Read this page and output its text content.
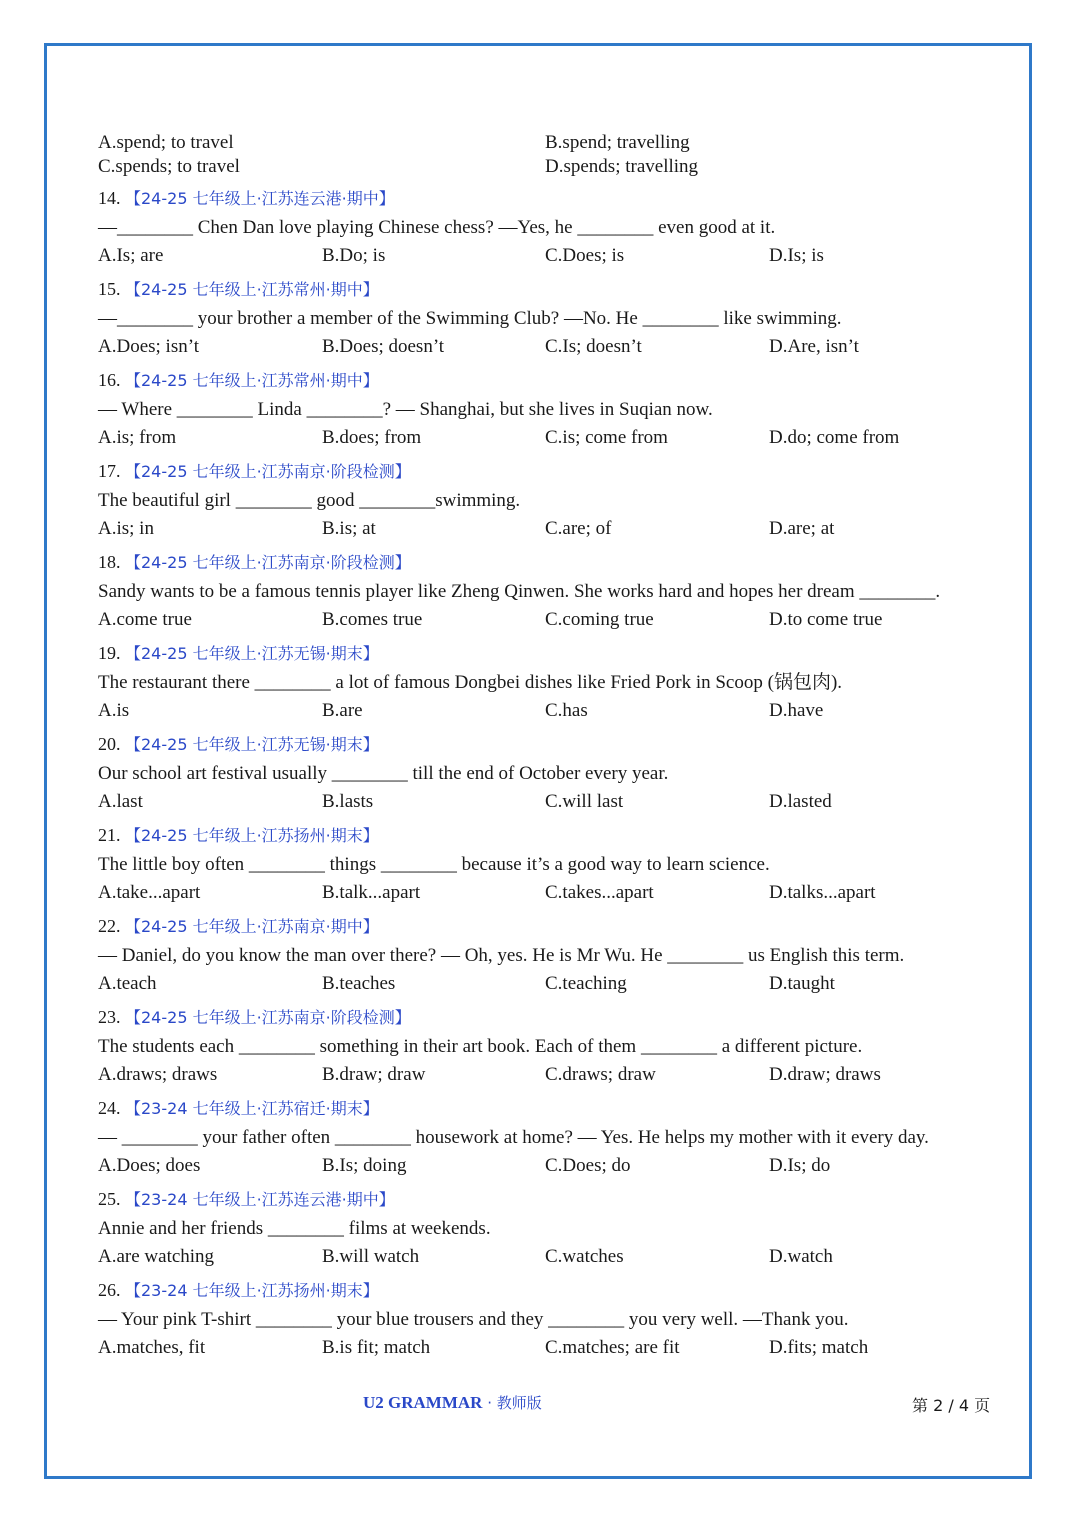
A.spend; to travel	B.spend; travelling
C.spends; to travel	D.spends; travelling
14. 【24-25 七年级上·江苏连云港·期中】
—________ Chen Dan love playing Chinese chess? —Yes, he ________ even good at it.
A.Is; are	B.Do; is	C.Does; is	D.Is; is
15. 【24-25 七年级上·江苏常州·期中】
—________ your brother a member of the Swimming Club? —No. He ________ like swimming.
A.Does; isn’t	B.Does; doesn’t	C.Is; doesn’t	D.Are, isn’t
16. 【24-25 七年级上·江苏常州·期中】
— Where ________ Linda ________? — Shanghai, but she lives in Suqian now.
A.is; from	B.does; from	C.is; come from	D.do; come from
17. 【24-25 七年级上·江苏南京·阶段检测】
The beautiful girl ________ good ________swimming.
A.is; in	B.is; at	C.are; of	D.are; at
18. 【24-25 七年级上·江苏南京·阶段检测】
Sandy wants to be a famous tennis player like Zheng Qinwen. She works hard and hopes her dream ________.
A.come true	B.comes true	C.coming true	D.to come true
19. 【24-25 七年级上·江苏无锡·期末】
The restaurant there ________ a lot of famous Dongbei dishes like Fried Pork in Scoop (锅包肉).
A.is	B.are	C.has	D.have
20. 【24-25 七年级上·江苏无锡·期末】
Our school art festival usually ________ till the end of October every year.
A.last	B.lasts	C.will last	D.lasted
21. 【24-25 七年级上·江苏扬州·期末】
The little boy often ________ things ________ because it’s a good way to learn science.
A.take...apart	B.talk...apart	C.takes...apart	D.talks...apart
22. 【24-25 七年级上·江苏南京·期中】
— Daniel, do you know the man over there? — Oh, yes. He is Mr Wu. He ________ us English this term.
A.teach	B.teaches	C.teaching	D.taught
23. 【24-25 七年级上·江苏南京·阶段检测】
The students each ________ something in their art book. Each of them ________ a different picture.
A.draws; draws	B.draw; draw	C.draws; draw	D.draw; draws
24. 【23-24 七年级上·江苏宿迁·期末】
— ________ your father often ________ housework at home? — Yes. He helps my mother with it every day.
A.Does; does	B.Is; doing	C.Does; do	D.Is; do
25. 【23-24 七年级上·江苏连云港·期中】
Annie and her friends ________ films at weekends.
A.are watching	B.will watch	C.watches	D.watch
26. 【23-24 七年级上·江苏扬州·期末】
— Your pink T-shirt ________ your blue trousers and they ________ you very well. —Thank you.
A.matches, fit	B.is fit; match	C.matches; are fit	D.fits; match
U2 GRAMMAR · 教师版	第 2 / 4 页
